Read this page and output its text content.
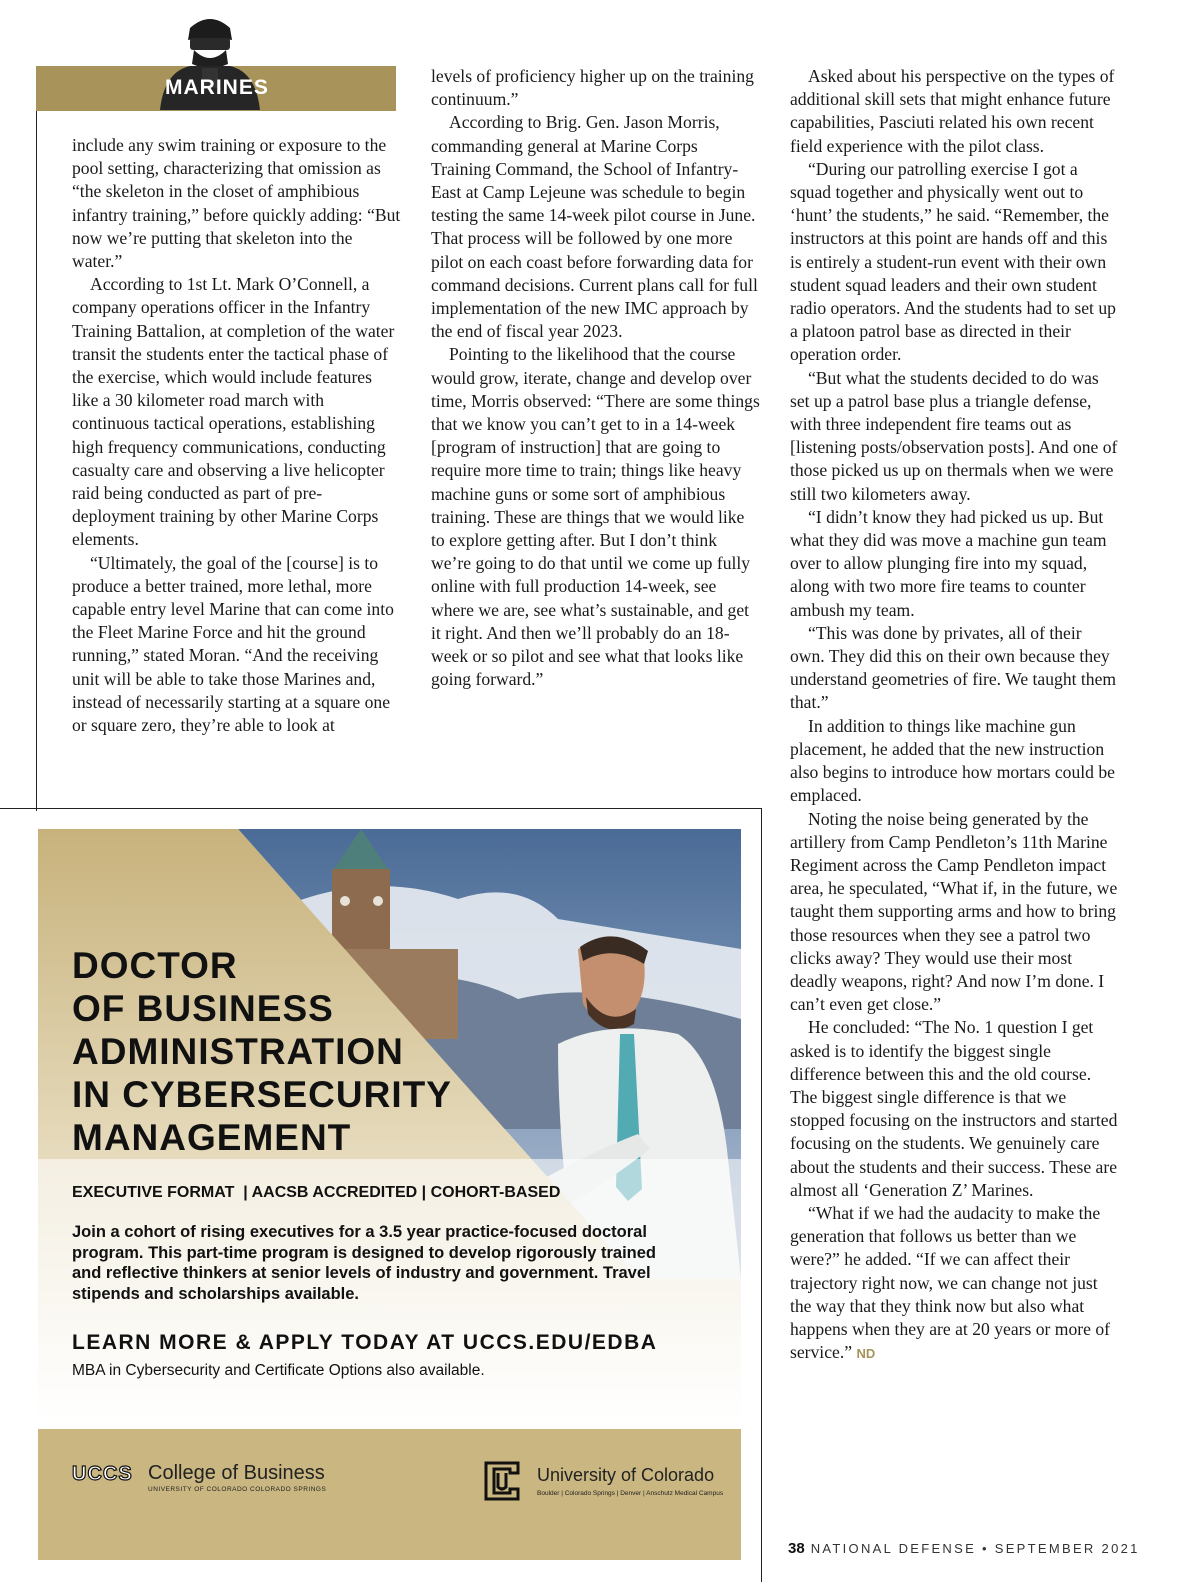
MARINES

include any swim training or exposure to the pool setting, characterizing that omission as “the skeleton in the closet of amphibious infantry training,” before quickly adding: “But now we’re putting that skeleton into the water.”

According to 1st Lt. Mark O’Connell, a company operations officer in the Infantry Training Battalion, at completion of the water transit the students enter the tactical phase of the exercise, which would include features like a 30 kilometer road march with continuous tactical operations, establishing high frequency communications, conducting casualty care and observing a live helicopter raid being conducted as part of pre-deployment training by other Marine Corps elements.

“Ultimately, the goal of the [course] is to produce a better trained, more lethal, more capable entry level Marine that can come into the Fleet Marine Force and hit the ground running,” stated Moran. “And the receiving unit will be able to take those Marines and, instead of necessarily starting at a square one or square zero, they’re able to look at

levels of proficiency higher up on the training continuum.”

According to Brig. Gen. Jason Morris, commanding general at Marine Corps Training Command, the School of Infantry-East at Camp Lejeune was schedule to begin testing the same 14-week pilot course in June. That process will be followed by one more pilot on each coast before forwarding data for command decisions. Current plans call for full implementation of the new IMC approach by the end of fiscal year 2023.

Pointing to the likelihood that the course would grow, iterate, change and develop over time, Morris observed: “There are some things that we know you can’t get to in a 14-week [program of instruction] that are going to require more time to train; things like heavy machine guns or some sort of amphibious training. These are things that we would like to explore getting after. But I don’t think we’re going to do that until we come up fully online with full production 14-week, see where we are, see what’s sustainable, and get it right. And then we’ll probably do an 18-week or so pilot and see what that looks like going forward.”

Asked about his perspective on the types of additional skill sets that might enhance future capabilities, Pasciuti related his own recent field experience with the pilot class.

“During our patrolling exercise I got a squad together and physically went out to ‘hunt’ the students,” he said. “Remember, the instructors at this point are hands off and this is entirely a student-run event with their own student squad leaders and their own student radio operators. And the students had to set up a platoon patrol base as directed in their operation order.

“But what the students decided to do was set up a patrol base plus a triangle defense, with three independent fire teams out as [listening posts/observation posts]. And one of those picked us up on thermals when we were still two kilometers away.

“I didn’t know they had picked us up. But what they did was move a machine gun team over to allow plunging fire into my squad, along with two more fire teams to counter ambush my team.

“This was done by privates, all of their own. They did this on their own because they understand geometries of fire. We taught them that.”

In addition to things like machine gun placement, he added that the new instruction also begins to introduce how mortars could be emplaced.

Noting the noise being generated by the artillery from Camp Pendleton’s 11th Marine Regiment across the Camp Pendleton impact area, he speculated, “What if, in the future, we taught them supporting arms and how to bring those resources when they see a patrol two clicks away? They would use their most deadly weapons, right? And now I’m done. I can’t even get close.”

He concluded: “The No. 1 question I get asked is to identify the biggest single difference between this and the old course. The biggest single difference is that we stopped focusing on the instructors and started focusing on the students. We genuinely care about the students and their success. These are almost all ‘Generation Z’ Marines.

“What if we had the audacity to make the generation that follows us better than we were?” he added. “If we can affect their trajectory right now, we can change not just the way that they think now but also what happens when they are at 20 years or more of service.” ND

DOCTOR
OF BUSINESS
ADMINISTRATION
IN CYBERSECURITY
MANAGEMENT
EXECUTIVE FORMAT  | AACSB ACCREDITED | COHORT-BASED
Join a cohort of rising executives for a 3.5 year practice-focused doctoral program. This part-time program is designed to develop rigorously trained and reflective thinkers at senior levels of industry and government. Travel stipends and scholarships available.
LEARN MORE & APPLY TODAY AT UCCS.EDU/EDBA
MBA in Cybersecurity and Certificate Options also available.
UCCS College of Business
UNIVERSITY OF COLORADO COLORADO SPRINGS
University of Colorado
Boulder | Colorado Springs | Denver | Anschutz Medical Campus
38 NATIONAL DEFENSE • SEPTEMBER 2021
